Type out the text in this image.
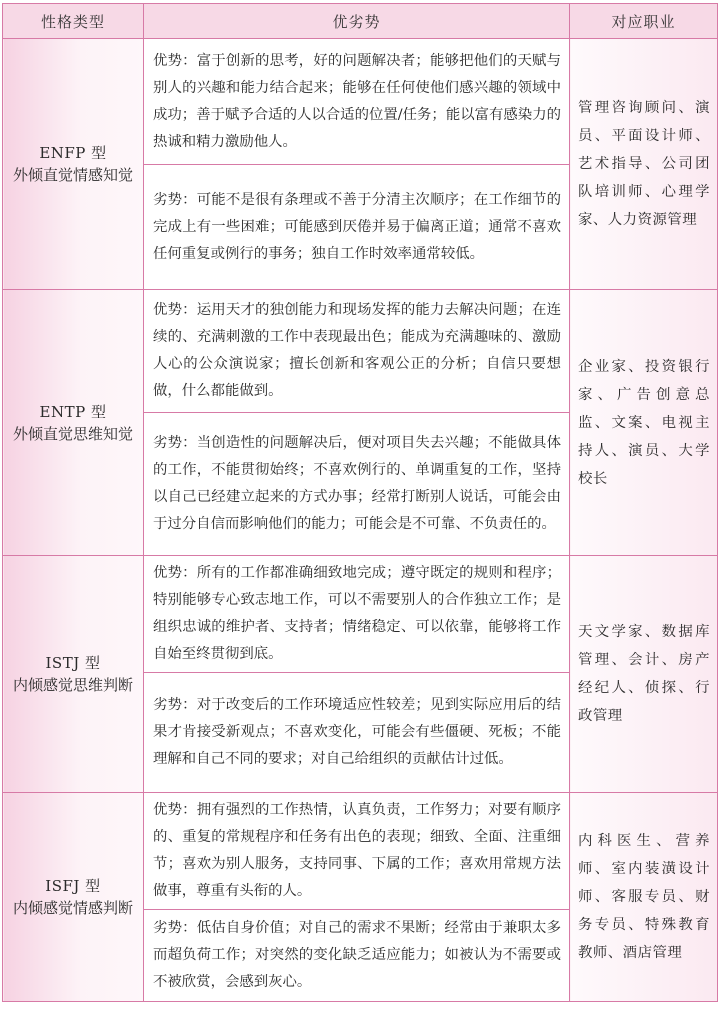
性格类型	优劣势	对应职业

ENFP 型
外倾直觉情感知觉	优势：富于创新的思考，好的问题解决者；能够把他们的天赋与别人的兴趣和能力结合起来；能够在任何使他们感兴趣的领域中成功；善于赋予合适的人以合适的位置/任务；能以富有感染力的热诚和精力激励他人。	管理咨询顾问、演员、平面设计师、艺术指导、公司团队培训师、心理学家、人力资源管理
	劣势：可能不是很有条理或不善于分清主次顺序；在工作细节的完成上有一些困难；可能感到厌倦并易于偏离正道；通常不喜欢任何重复或例行的事务；独自工作时效率通常较低。	

ENTP 型
外倾直觉思维知觉	优势：运用天才的独创能力和现场发挥的能力去解决问题；在连续的、充满刺激的工作中表现最出色；能成为充满趣味的、激励人心的公众演说家；擅长创新和客观公正的分析；自信只要想做，什么都能做到。	企业家、投资银行家、广告创意总监、文案、电视主持人、演员、大学校长
	劣势：当创造性的问题解决后，便对项目失去兴趣；不能做具体的工作，不能贯彻始终；不喜欢例行的、单调重复的工作，坚持以自己已经建立起来的方式办事；经常打断别人说话，可能会由于过分自信而影响他们的能力；可能会是不可靠、不负责任的。	

ISTJ 型
内倾感觉思维判断	优势：所有的工作都准确细致地完成；遵守既定的规则和程序；特别能够专心致志地工作，可以不需要别人的合作独立工作；是组织忠诚的维护者、支持者；情绪稳定、可以依靠，能够将工作自始至终贯彻到底。	天文学家、数据库管理、会计、房产经纪人、侦探、行政管理
	劣势：对于改变后的工作环境适应性较差；见到实际应用后的结果才肯接受新观点；不喜欢变化，可能会有些僵硬、死板；不能理解和自己不同的要求；对自己给组织的贡献估计过低。	

ISFJ 型
内倾感觉情感判断	优势：拥有强烈的工作热情，认真负责，工作努力；对要有顺序的、重复的常规程序和任务有出色的表现；细致、全面、注重细节；喜欢为别人服务，支持同事、下属的工作；喜欢用常规方法做事，尊重有头衔的人。	内科医生、营养师、室内装潢设计师、客服专员、财务专员、特殊教育教师、酒店管理
	劣势：低估自身价值；对自己的需求不果断；经常由于兼职太多而超负荷工作；对突然的变化缺乏适应能力；如被认为不需要或不被欣赏，会感到灰心。	
